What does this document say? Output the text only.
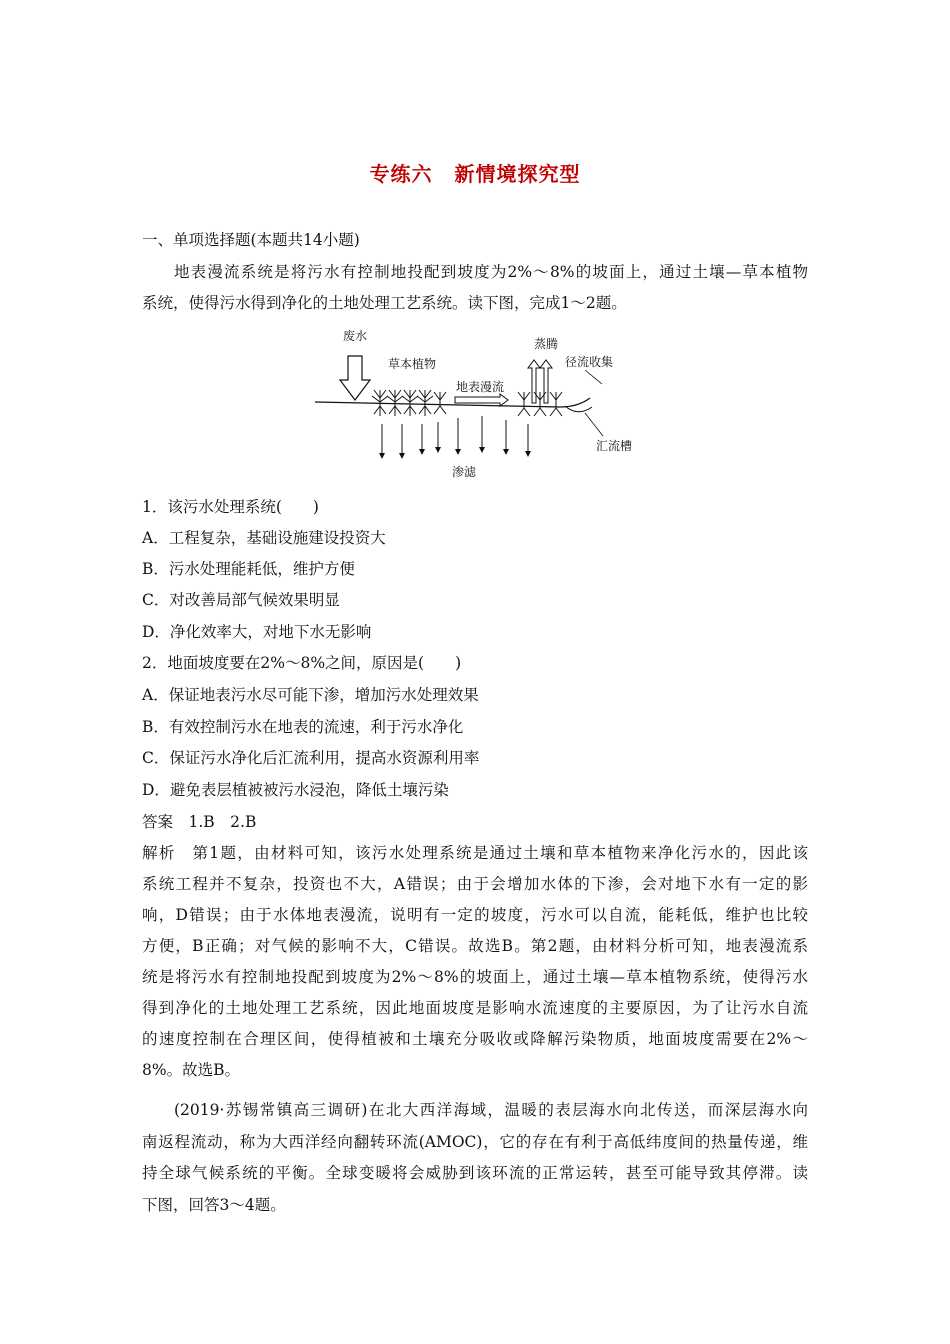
专练六 新情境探究型
一、单项选择题(本题共14小题)
地表漫流系统是将污水有控制地投配到坡度为2%～8%的坡面上，通过土壤—草本植物
系统，使得污水得到净化的土地处理工艺系统。读下图，完成1～2题。
废水
草本植物
地表漫流
蒸腾
径流收集
汇流槽
渗滤
1．该污水处理系统(　　)
A．工程复杂，基础设施建设投资大
B．污水处理能耗低，维护方便
C．对改善局部气候效果明显
D．净化效率大，对地下水无影响
2．地面坡度要在2%～8%之间，原因是(　　)
A．保证地表污水尽可能下渗，增加污水处理效果
B．有效控制污水在地表的流速，利于污水净化
C．保证污水净化后汇流利用，提高水资源利用率
D．避免表层植被被污水浸泡，降低土壤污染
答案　1.B　2.B
解析　第1题，由材料可知，该污水处理系统是通过土壤和草本植物来净化污水的，因此该
系统工程并不复杂，投资也不大，A错误；由于会增加水体的下渗，会对地下水有一定的影
响，D错误；由于水体地表漫流，说明有一定的坡度，污水可以自流，能耗低，维护也比较
方便，B正确；对气候的影响不大，C错误。故选B。第2题，由材料分析可知，地表漫流系
统是将污水有控制地投配到坡度为2%～8%的坡面上，通过土壤—草本植物系统，使得污水
得到净化的土地处理工艺系统，因此地面坡度是影响水流速度的主要原因，为了让污水自流
的速度控制在合理区间，使得植被和土壤充分吸收或降解污染物质，地面坡度需要在2%～
8%。故选B。
(2019·苏锡常镇高三调研)在北大西洋海域，温暖的表层海水向北传送，而深层海水向
南返程流动，称为大西洋经向翻转环流(AMOC)，它的存在有利于高低纬度间的热量传递，维
持全球气候系统的平衡。全球变暖将会威胁到该环流的正常运转，甚至可能导致其停滞。读
下图，回答3～4题。
